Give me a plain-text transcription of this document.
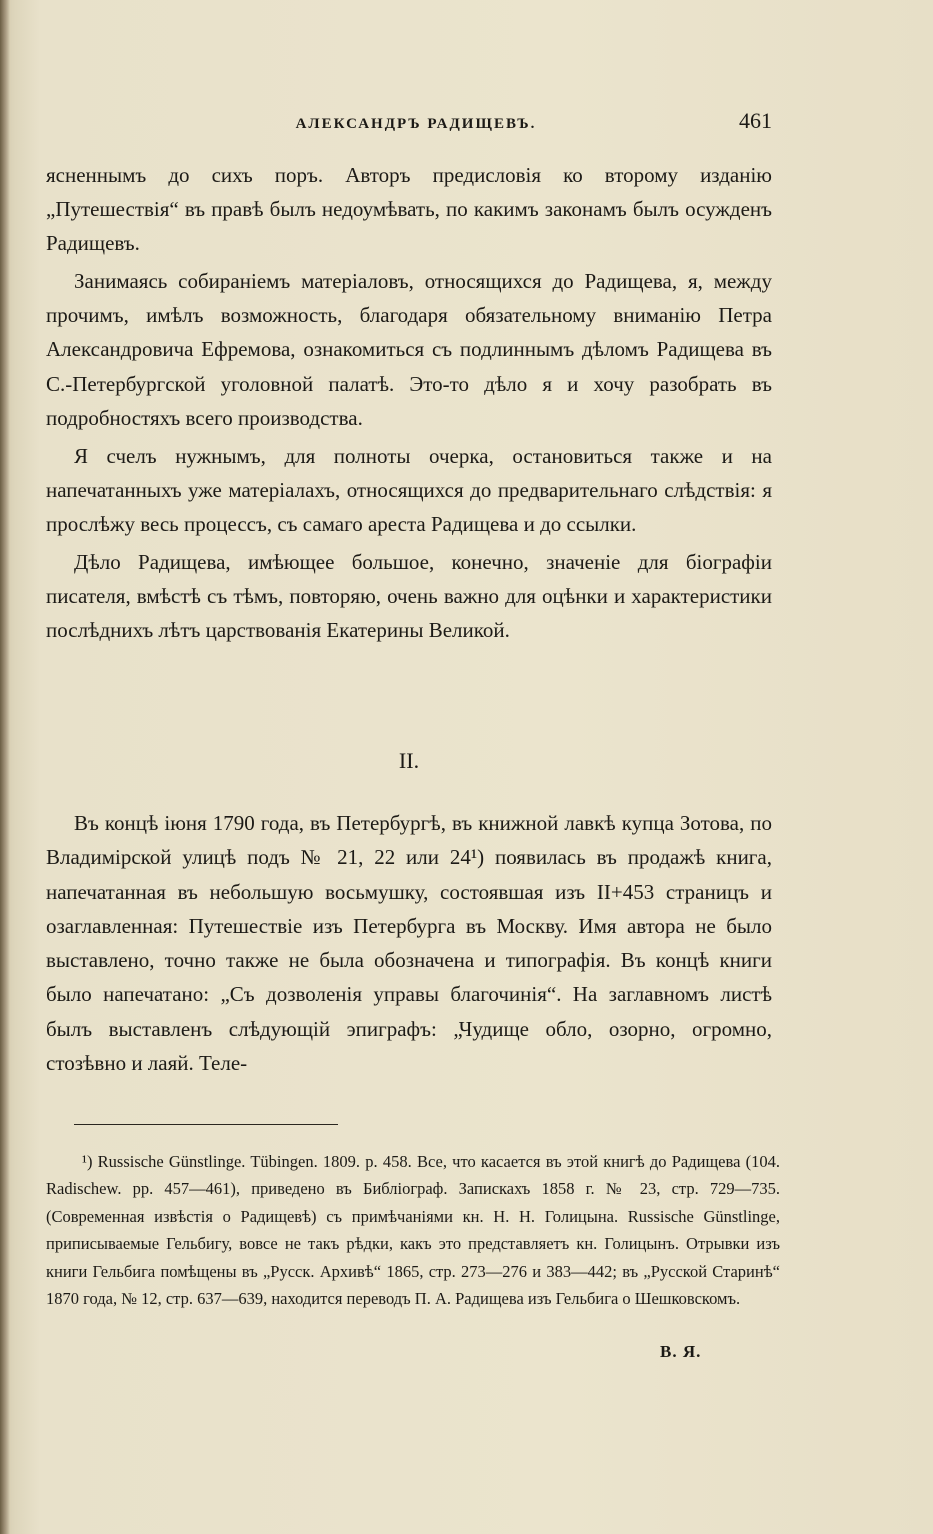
АЛЕКСАНДРЪ РАДИЩЕВЪ.	461

ясненнымъ до сихъ поръ. Авторъ предисловія ко второму изданію „Путешествія“ въ правѣ былъ недоумѣвать, по какимъ законамъ былъ осужденъ Радищевъ.

Занимаясь собираніемъ матеріаловъ, относящихся до Радищева, я, между прочимъ, имѣлъ возможность, благодаря обязательному вниманію Петра Александровича Ефремова, ознакомиться съ подлиннымъ дѣломъ Радищева въ С.-Петербургской уголовной палатѣ. Это-то дѣло я и хочу разобрать въ подробностяхъ всего производства.

Я счелъ нужнымъ, для полноты очерка, остановиться также и на напечатанныхъ уже матеріалахъ, относящихся до предварительнаго слѣдствія: я прослѣжу весь процессъ, съ самаго ареста Радищева и до ссылки.

Дѣло Радищева, имѣющее большое, конечно, значеніе для біографіи писателя, вмѣстѣ съ тѣмъ, повторяю, очень важно для оцѣнки и характеристики послѣднихъ лѣтъ царствованія Екатерины Великой.

II.

Въ концѣ іюня 1790 года, въ Петербургѣ, въ книжной лавкѣ купца Зотова, по Владимірской улицѣ подъ № 21, 22 или 24¹) появилась въ продажѣ книга, напечатанная въ небольшую восьмушку, состоявшая изъ II+453 страницъ и озаглавленная: Путешествіе изъ Петербурга въ Москву. Имя автора не было выставлено, точно также не была обозначена и типографія. Въ концѣ книги было напечатано: „Съ дозволенія управы благочинія“. На заглавномъ листѣ былъ выставленъ слѣдующій эпиграфъ: „Чудище обло, озорно, огромно, стозѣвно и лаяй. Теле-

¹) Russische Günstlinge. Tübingen. 1809. p. 458. Все, что касается въ этой книгѣ до Радищева (104. Radischew. pp. 457—461), приведено въ Библіограф. Запискахъ 1858 г. № 23, стр. 729—735. (Современная извѣстія о Радищевѣ) съ примѣчаніями кн. Н. Н. Голицына. Russische Günstlinge, приписываемые Гельбигу, вовсе не такъ рѣдки, какъ это представляетъ кн. Голицынъ. Отрывки изъ книги Гельбига помѣщены въ „Русск. Архивѣ“ 1865, стр. 273—276 и 383—442; въ „Русской Старинѣ“ 1870 года, № 12, стр. 637—639, находится переводъ П. А. Радищева изъ Гельбига о Шешковскомъ.

В. Я.
